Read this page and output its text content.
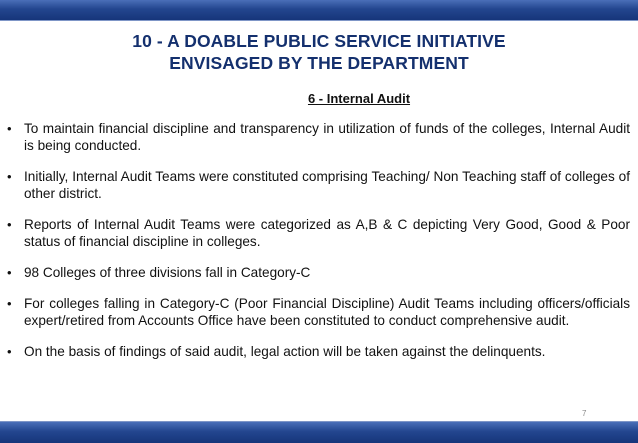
10 - A DOABLE PUBLIC SERVICE INITIATIVE
ENVISAGED BY THE DEPARTMENT
6 - Internal Audit
• To maintain financial discipline and transparency in utilization of funds of the colleges, Internal Audit is being conducted.
• Initially, Internal Audit Teams were constituted comprising Teaching/ Non Teaching staff of colleges of other district.
• Reports of Internal Audit Teams were categorized as A,B & C depicting Very Good, Good & Poor status of financial discipline in colleges.
• 98 Colleges of three divisions fall in Category-C
• For colleges falling in Category-C (Poor Financial Discipline) Audit Teams including officers/officials expert/retired from Accounts Office have been constituted to conduct comprehensive audit.
• On the basis of findings of said audit, legal action will be taken against the delinquents.
7
